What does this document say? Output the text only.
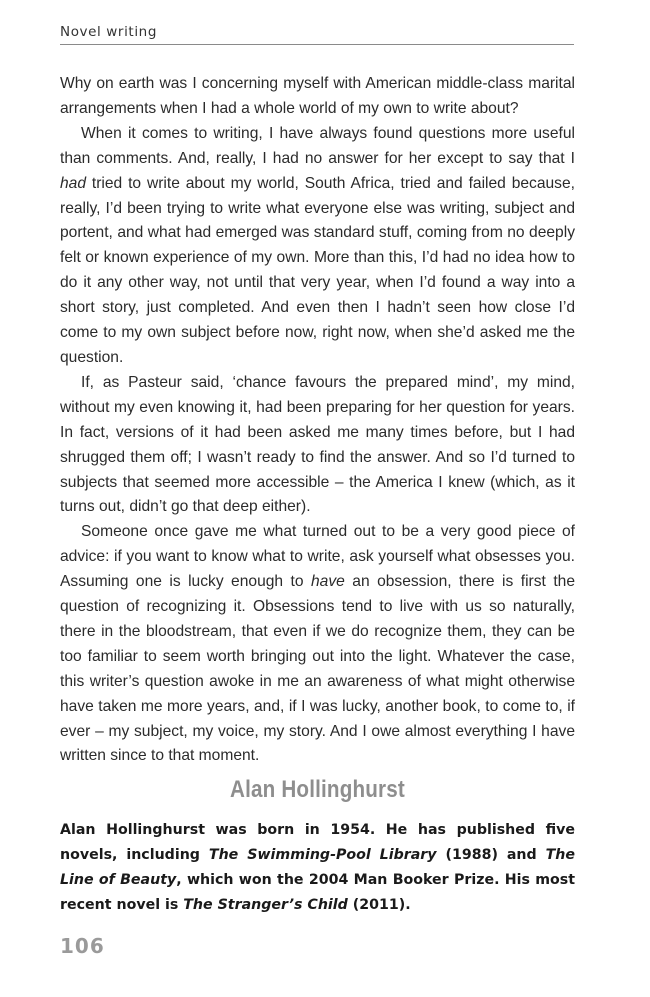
Novel writing

Why on earth was I concerning myself with American middle-class marital arrangements when I had a whole world of my own to write about?

When it comes to writing, I have always found questions more useful than comments. And, really, I had no answer for her except to say that I had tried to write about my world, South Africa, tried and failed because, really, I’d been trying to write what everyone else was writing, subject and portent, and what had emerged was standard stuff, coming from no deeply felt or known experience of my own. More than this, I’d had no idea how to do it any other way, not until that very year, when I’d found a way into a short story, just completed. And even then I hadn’t seen how close I’d come to my own subject before now, right now, when she’d asked me the question.

If, as Pasteur said, ‘chance favours the prepared mind’, my mind, without my even knowing it, had been preparing for her question for years. In fact, versions of it had been asked me many times before, but I had shrugged them off; I wasn’t ready to find the answer. And so I’d turned to subjects that seemed more accessible – the America I knew (which, as it turns out, didn’t go that deep either).

Someone once gave me what turned out to be a very good piece of advice: if you want to know what to write, ask yourself what obsesses you. Assuming one is lucky enough to have an obsession, there is first the question of recognizing it. Obsessions tend to live with us so naturally, there in the bloodstream, that even if we do recognize them, they can be too familiar to seem worth bringing out into the light. Whatever the case, this writer’s question awoke in me an awareness of what might otherwise have taken me more years, and, if I was lucky, another book, to come to, if ever – my subject, my voice, my story. And I owe almost everything I have written since to that moment.

Alan Hollinghurst

Alan Hollinghurst was born in 1954. He has published five novels, including The Swimming-Pool Library (1988) and The Line of Beauty, which won the 2004 Man Booker Prize. His most recent novel is The Stranger’s Child (2011).

106
